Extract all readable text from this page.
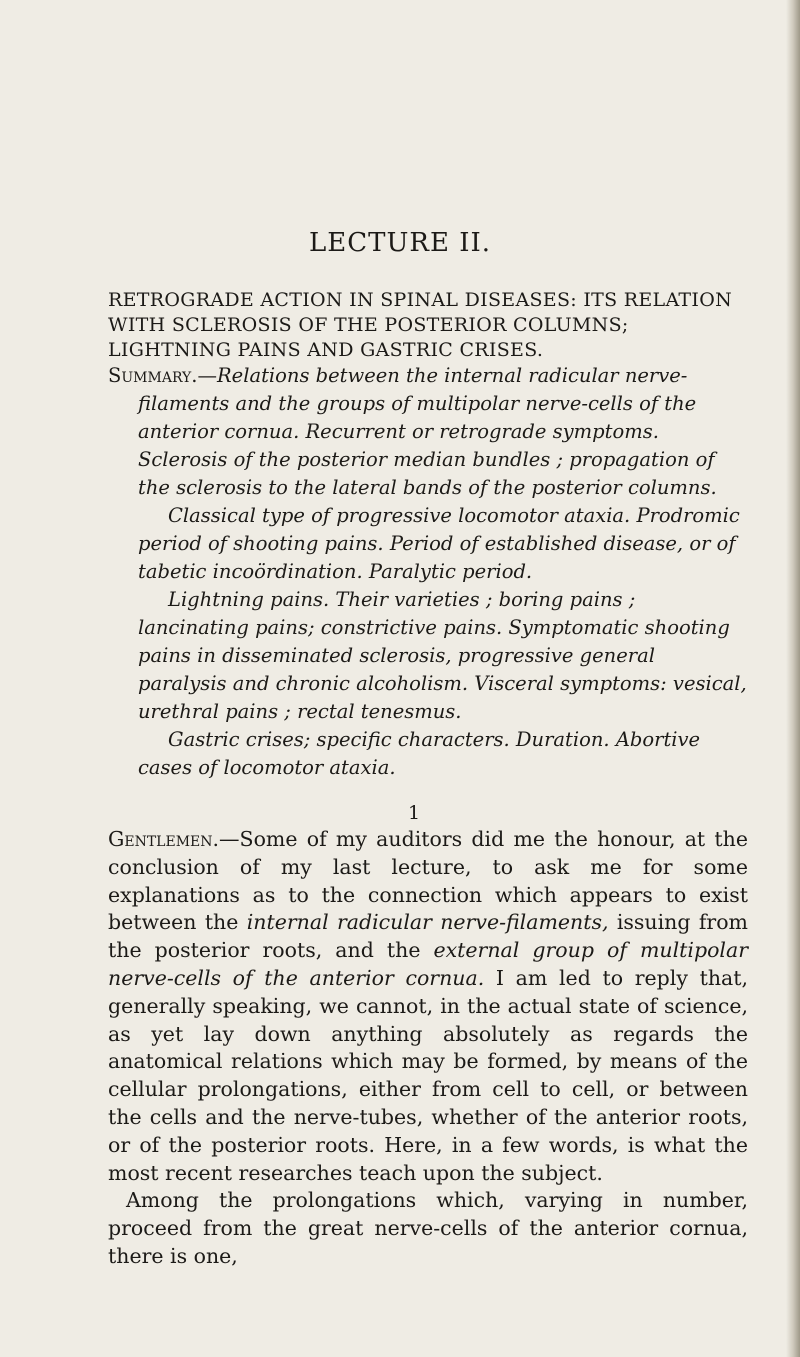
LECTURE II.
RETROGRADE ACTION IN SPINAL DISEASES: ITS RELATION WITH SCLEROSIS OF THE POSTERIOR COLUMNS; LIGHTNING PAINS AND GASTRIC CRISES.

Summary.—Relations between the internal radicular nerve-filaments and the groups of multipolar nerve-cells of the anterior cornua. Recurrent or retrograde symptoms. Sclerosis of the posterior median bundles ; propagation of the sclerosis to the lateral bands of the posterior columns.

Classical type of progressive locomotor ataxia. Prodromic period of shooting pains. Period of established disease, or of tabetic incoördination. Paralytic period.

Lightning pains. Their varieties ; boring pains ; lancinating pains; constrictive pains. Symptomatic shooting pains in disseminated sclerosis, progressive general paralysis and chronic alcoholism. Visceral symptoms: vesical, urethral pains ; rectal tenesmus.

Gastric crises; specific characters. Duration. Abortive cases of locomotor ataxia.

1

Gentlemen.—Some of my auditors did me the honour, at the conclusion of my last lecture, to ask me for some explanations as to the connection which appears to exist between the internal radicular nerve-filaments, issuing from the posterior roots, and the external group of multipolar nerve-cells of the anterior cornua. I am led to reply that, generally speaking, we cannot, in the actual state of science, as yet lay down anything absolutely as regards the anatomical relations which may be formed, by means of the cellular prolongations, either from cell to cell, or between the cells and the nerve-tubes, whether of the anterior roots, or of the posterior roots. Here, in a few words, is what the most recent researches teach upon the subject.

Among the prolongations which, varying in number, proceed from the great nerve-cells of the anterior cornua, there is one,
